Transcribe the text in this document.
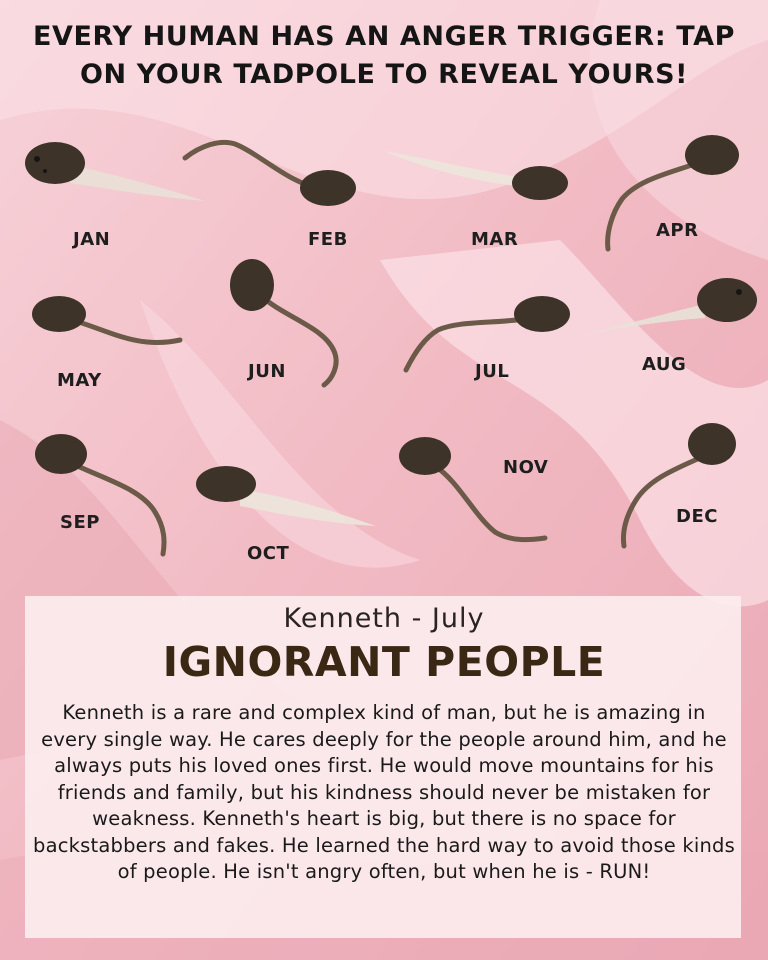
EVERY HUMAN HAS AN ANGER TRIGGER: TAP
ON YOUR TADPOLE TO REVEAL YOURS!
JAN	FEB	MAR	APR
MAY	JUN	JUL	AUG
SEP
OCT
NOV
DEC
Kenneth - July
IGNORANT PEOPLE

Kenneth is a rare and complex kind of man, but he is amazing in every single way. He cares deeply for the people around him, and he always puts his loved ones first. He would move mountains for his friends and family, but his kindness should never be mistaken for weakness. Kenneth's heart is big, but there is no space for backstabbers and fakes. He learned the hard way to avoid those kinds of people. He isn't angry often, but when he is - RUN!
